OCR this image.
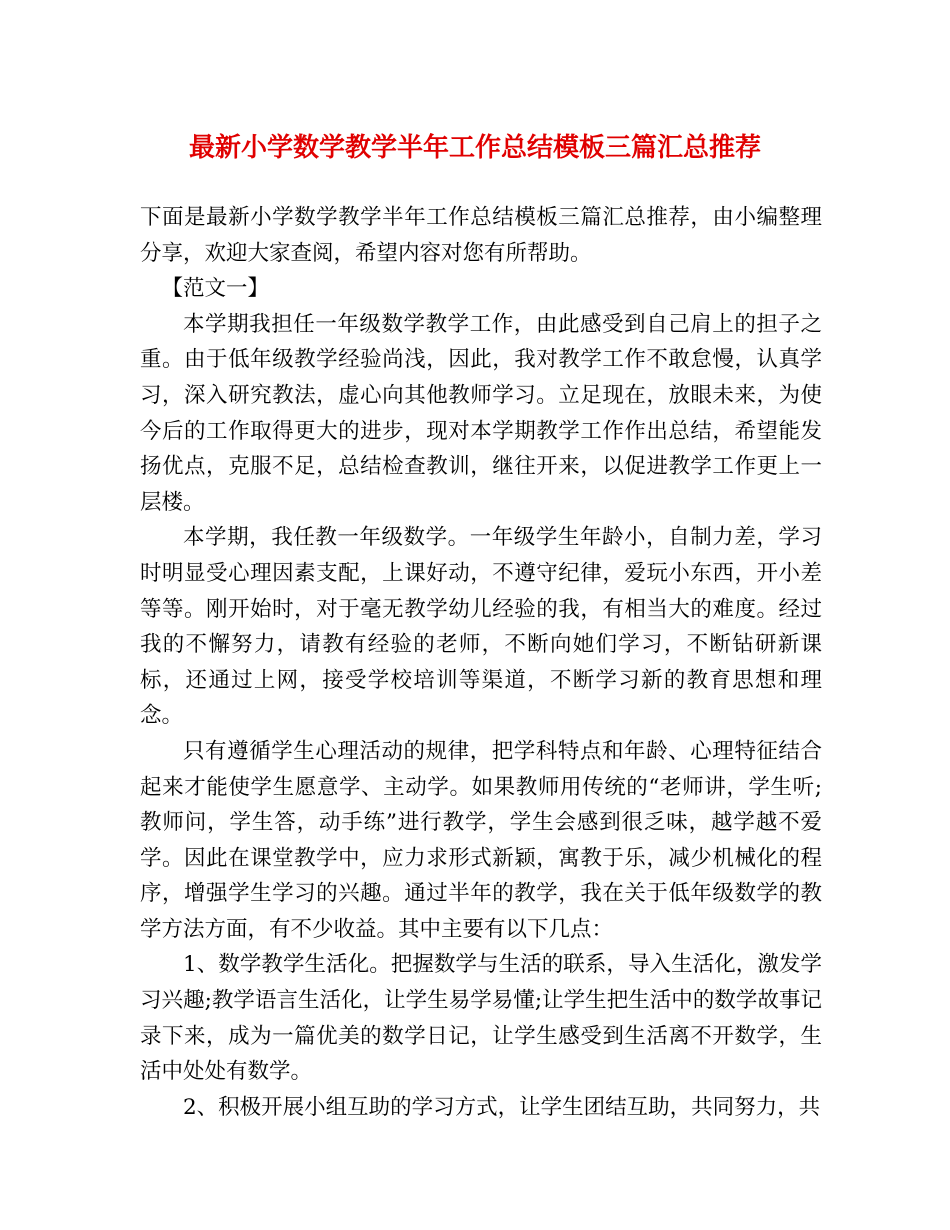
最新小学数学教学半年工作总结模板三篇汇总推荐

下面是最新小学数学教学半年工作总结模板三篇汇总推荐，由小编整理分享，欢迎大家查阅，希望内容对您有所帮助。

【范文一】

本学期我担任一年级数学教学工作，由此感受到自己肩上的担子之重。由于低年级教学经验尚浅，因此，我对教学工作不敢怠慢，认真学习，深入研究教法，虚心向其他教师学习。立足现在，放眼未来，为使今后的工作取得更大的进步，现对本学期教学工作作出总结，希望能发扬优点，克服不足，总结检查教训，继往开来，以促进教学工作更上一层楼。

本学期，我任教一年级数学。一年级学生年龄小，自制力差，学习时明显受心理因素支配，上课好动，不遵守纪律，爱玩小东西，开小差等等。刚开始时，对于毫无教学幼儿经验的我，有相当大的难度。经过我的不懈努力，请教有经验的老师，不断向她们学习，不断钻研新课标，还通过上网，接受学校培训等渠道，不断学习新的教育思想和理念。

只有遵循学生心理活动的规律，把学科特点和年龄、心理特征结合起来才能使学生愿意学、主动学。如果教师用传统的“老师讲，学生听;教师问，学生答，动手练”进行教学，学生会感到很乏味，越学越不爱学。因此在课堂教学中，应力求形式新颖，寓教于乐，减少机械化的程序，增强学生学习的兴趣。通过半年的教学，我在关于低年级数学的教学方法方面，有不少收益。其中主要有以下几点：

1、数学教学生活化。把握数学与生活的联系，导入生活化，激发学习兴趣;教学语言生活化，让学生易学易懂;让学生把生活中的数学故事记录下来，成为一篇优美的数学日记，让学生感受到生活离不开数学，生活中处处有数学。

2、积极开展小组互助的学习方式，让学生团结互助，共同努力，共
